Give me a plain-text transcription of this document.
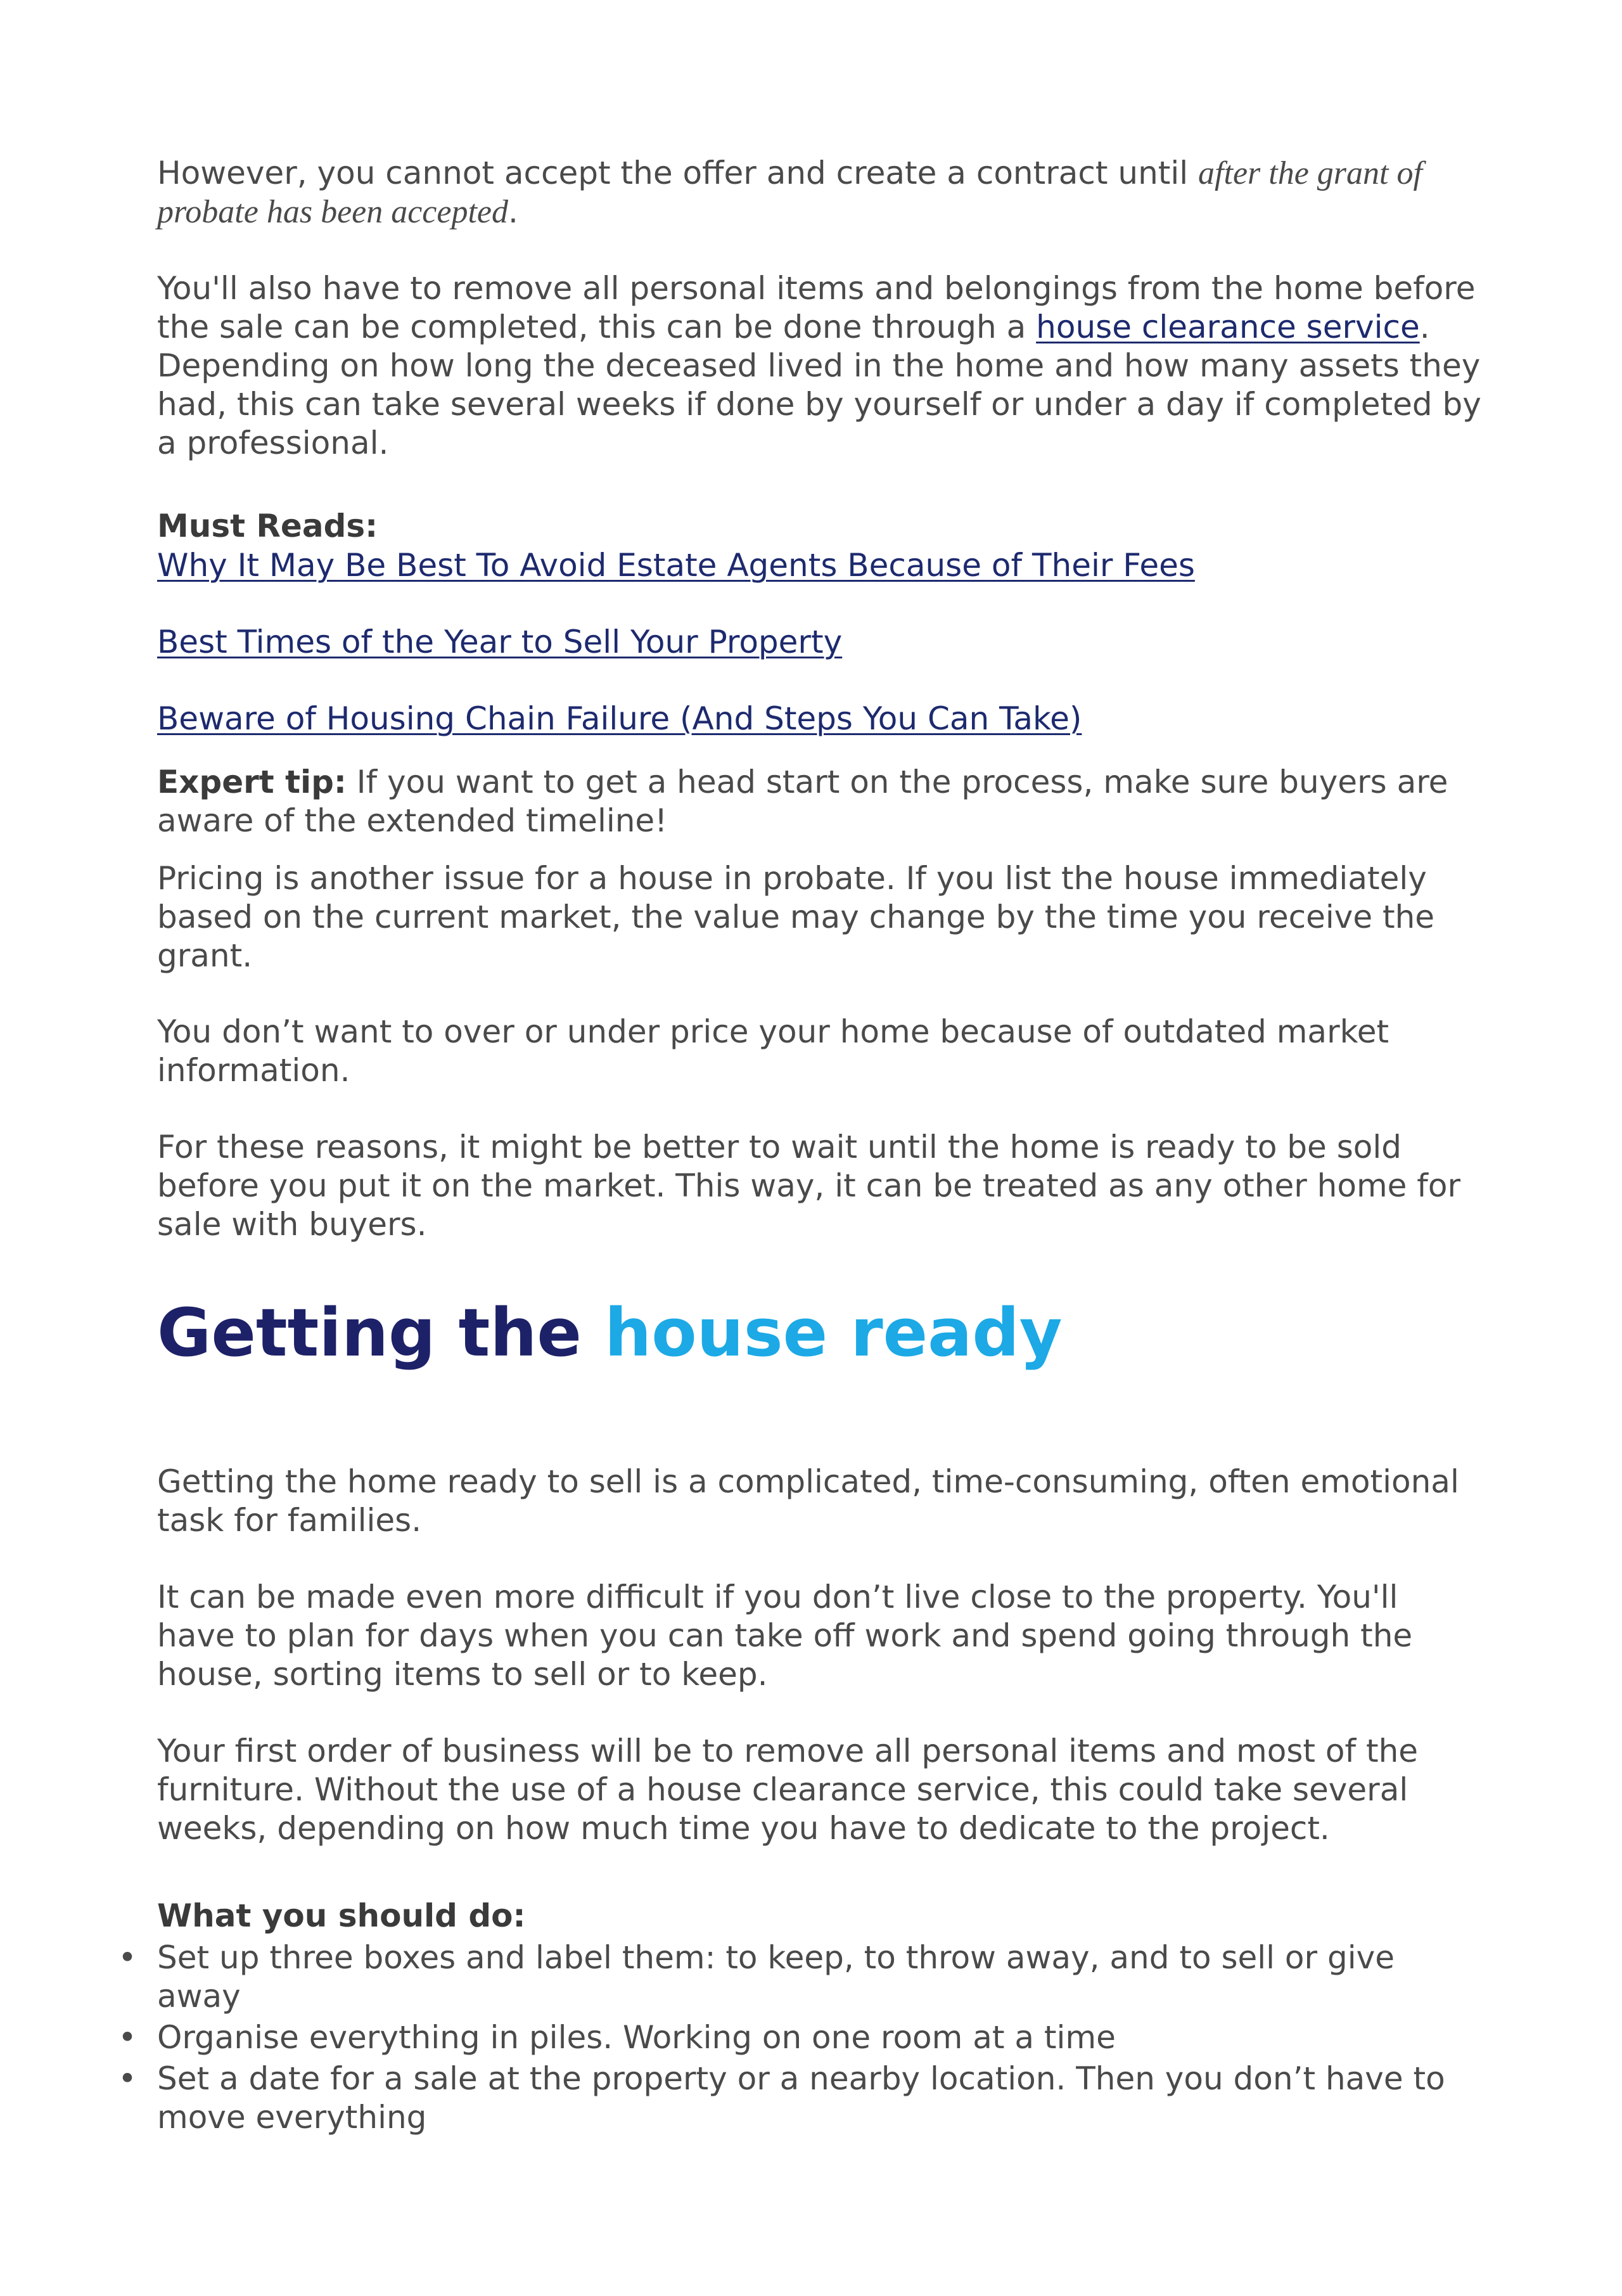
However, you cannot accept the offer and create a contract until after the grant of probate has been accepted.

You'll also have to remove all personal items and belongings from the home before the sale can be completed, this can be done through a house clearance service. Depending on how long the deceased lived in the home and how many assets they had, this can take several weeks if done by yourself or under a day if completed by a professional.

Must Reads:
Why It May Be Best To Avoid Estate Agents Because of Their Fees
Best Times of the Year to Sell Your Property
Beware of Housing Chain Failure (And Steps You Can Take)

Expert tip: If you want to get a head start on the process, make sure buyers are aware of the extended timeline!

Pricing is another issue for a house in probate. If you list the house immediately based on the current market, the value may change by the time you receive the grant.

You don’t want to over or under price your home because of outdated market information.

For these reasons, it might be better to wait until the home is ready to be sold before you put it on the market. This way, it can be treated as any other home for sale with buyers.

Getting the house ready

Getting the home ready to sell is a complicated, time-consuming, often emotional task for families.

It can be made even more difficult if you don’t live close to the property. You'll have to plan for days when you can take off work and spend going through the house, sorting items to sell or to keep.

Your first order of business will be to remove all personal items and most of the furniture. Without the use of a house clearance service, this could take several weeks, depending on how much time you have to dedicate to the project.

What you should do:
• Set up three boxes and label them: to keep, to throw away, and to sell or give away
• Organise everything in piles. Working on one room at a time
• Set a date for a sale at the property or a nearby location. Then you don’t have to move everything
